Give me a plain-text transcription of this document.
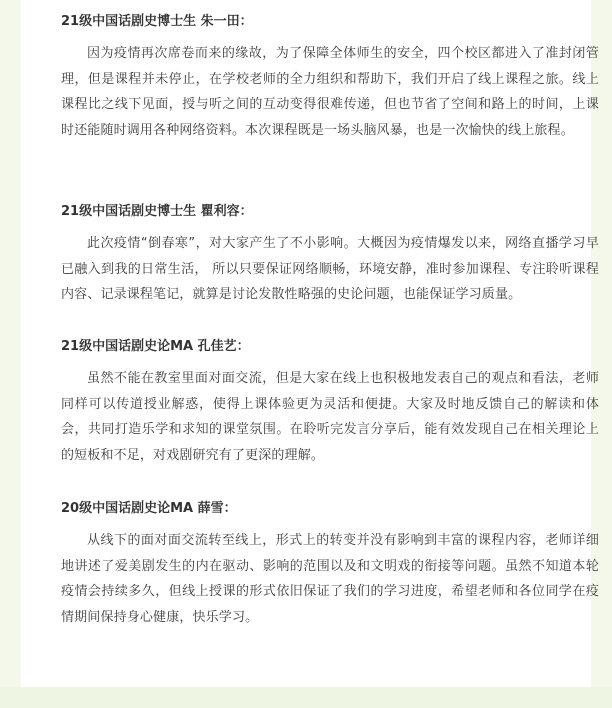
21级中国话剧史博士生 朱一田：

因为疫情再次席卷而来的缘故，为了保障全体师生的安全，四个校区都进入了准封闭管理，但是课程并未停止，在学校老师的全力组织和帮助下，我们开启了线上课程之旅。线上课程比之线下见面，授与听之间的互动变得很难传递，但也节省了空间和路上的时间，上课时还能随时调用各种网络资料。本次课程既是一场头脑风暴，也是一次愉快的线上旅程。

21级中国话剧史博士生 瞿利容：

此次疫情“倒春寒”，对大家产生了不小影响。大概因为疫情爆发以来，网络直播学习早已融入到我的日常生活， 所以只要保证网络顺畅，环境安静，准时参加课程、专注聆听课程内容、记录课程笔记，就算是讨论发散性略强的史论问题，也能保证学习质量。

21级中国话剧史论MA 孔佳艺：

虽然不能在教室里面对面交流，但是大家在线上也积极地发表自己的观点和看法，老师同样可以传道授业解惑，使得上课体验更为灵活和便捷。大家及时地反馈自己的解读和体会，共同打造乐学和求知的课堂氛围。在聆听完发言分享后，能有效发现自己在相关理论上的短板和不足，对戏剧研究有了更深的理解。

20级中国话剧史论MA 薛雪：

从线下的面对面交流转至线上，形式上的转变并没有影响到丰富的课程内容，老师详细地讲述了爱美剧发生的内在驱动、影响的范围以及和文明戏的衔接等问题。虽然不知道本轮疫情会持续多久，但线上授课的形式依旧保证了我们的学习进度，希望老师和各位同学在疫情期间保持身心健康，快乐学习。
